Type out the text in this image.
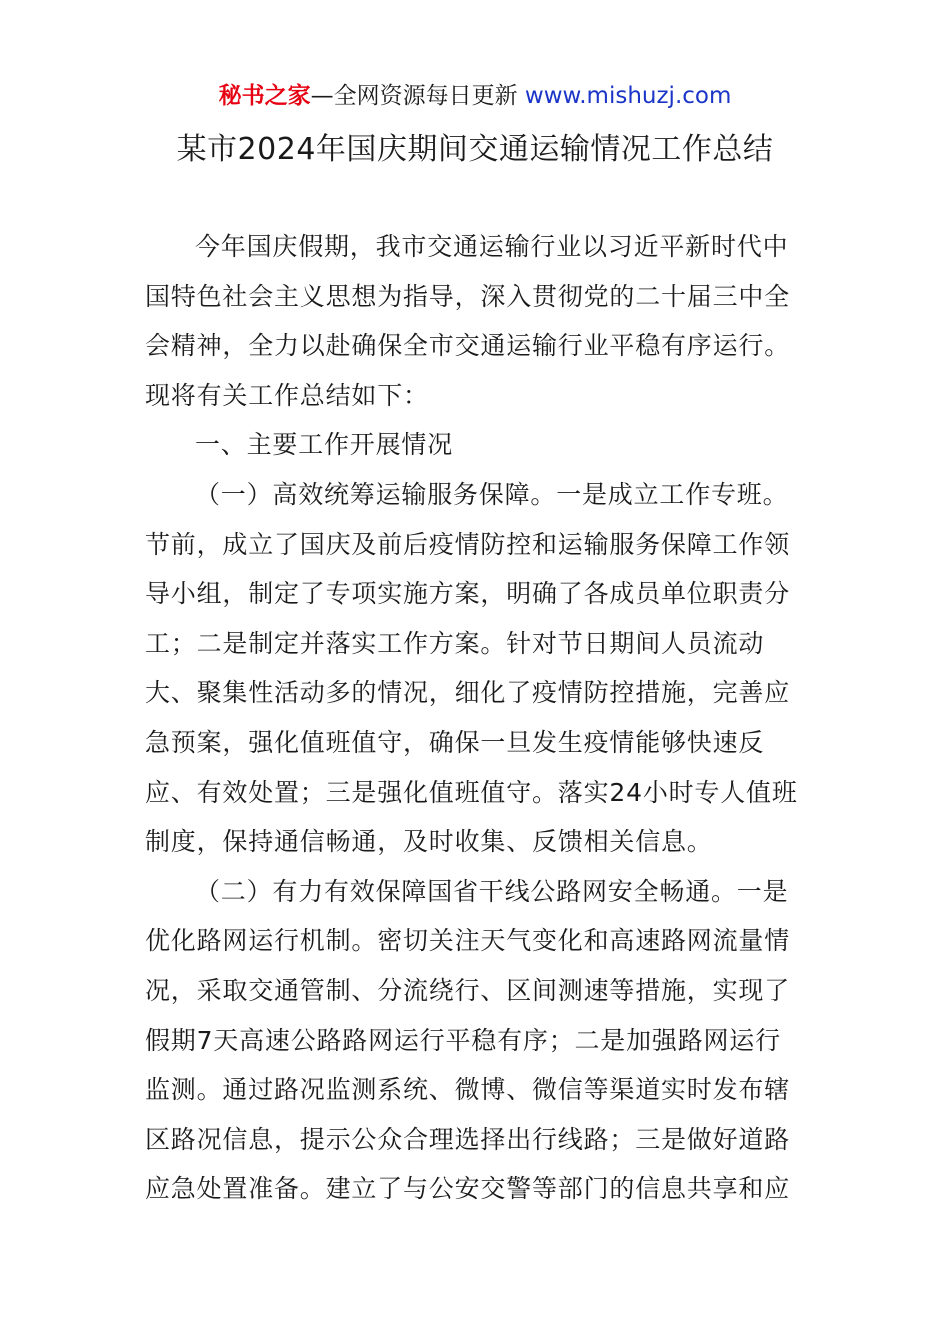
秘书之家—全网资源每日更新 www.mishuzj.com
某市2024年国庆期间交通运输情况工作总结
今年国庆假期，我市交通运输行业以习近平新时代中
国特色社会主义思想为指导，深入贯彻党的二十届三中全
会精神，全力以赴确保全市交通运输行业平稳有序运行。
现将有关工作总结如下：
一、主要工作开展情况
（一）高效统筹运输服务保障。一是成立工作专班。
节前，成立了国庆及前后疫情防控和运输服务保障工作领
导小组，制定了专项实施方案，明确了各成员单位职责分
工；二是制定并落实工作方案。针对节日期间人员流动
大、聚集性活动多的情况，细化了疫情防控措施，完善应
急预案，强化值班值守，确保一旦发生疫情能够快速反
应、有效处置；三是强化值班值守。落实24小时专人值班
制度，保持通信畅通，及时收集、反馈相关信息。
（二）有力有效保障国省干线公路网安全畅通。一是
优化路网运行机制。密切关注天气变化和高速路网流量情
况，采取交通管制、分流绕行、区间测速等措施，实现了
假期7天高速公路路网运行平稳有序；二是加强路网运行
监测。通过路况监测系统、微博、微信等渠道实时发布辖
区路况信息，提示公众合理选择出行线路；三是做好道路
应急处置准备。建立了与公安交警等部门的信息共享和应
